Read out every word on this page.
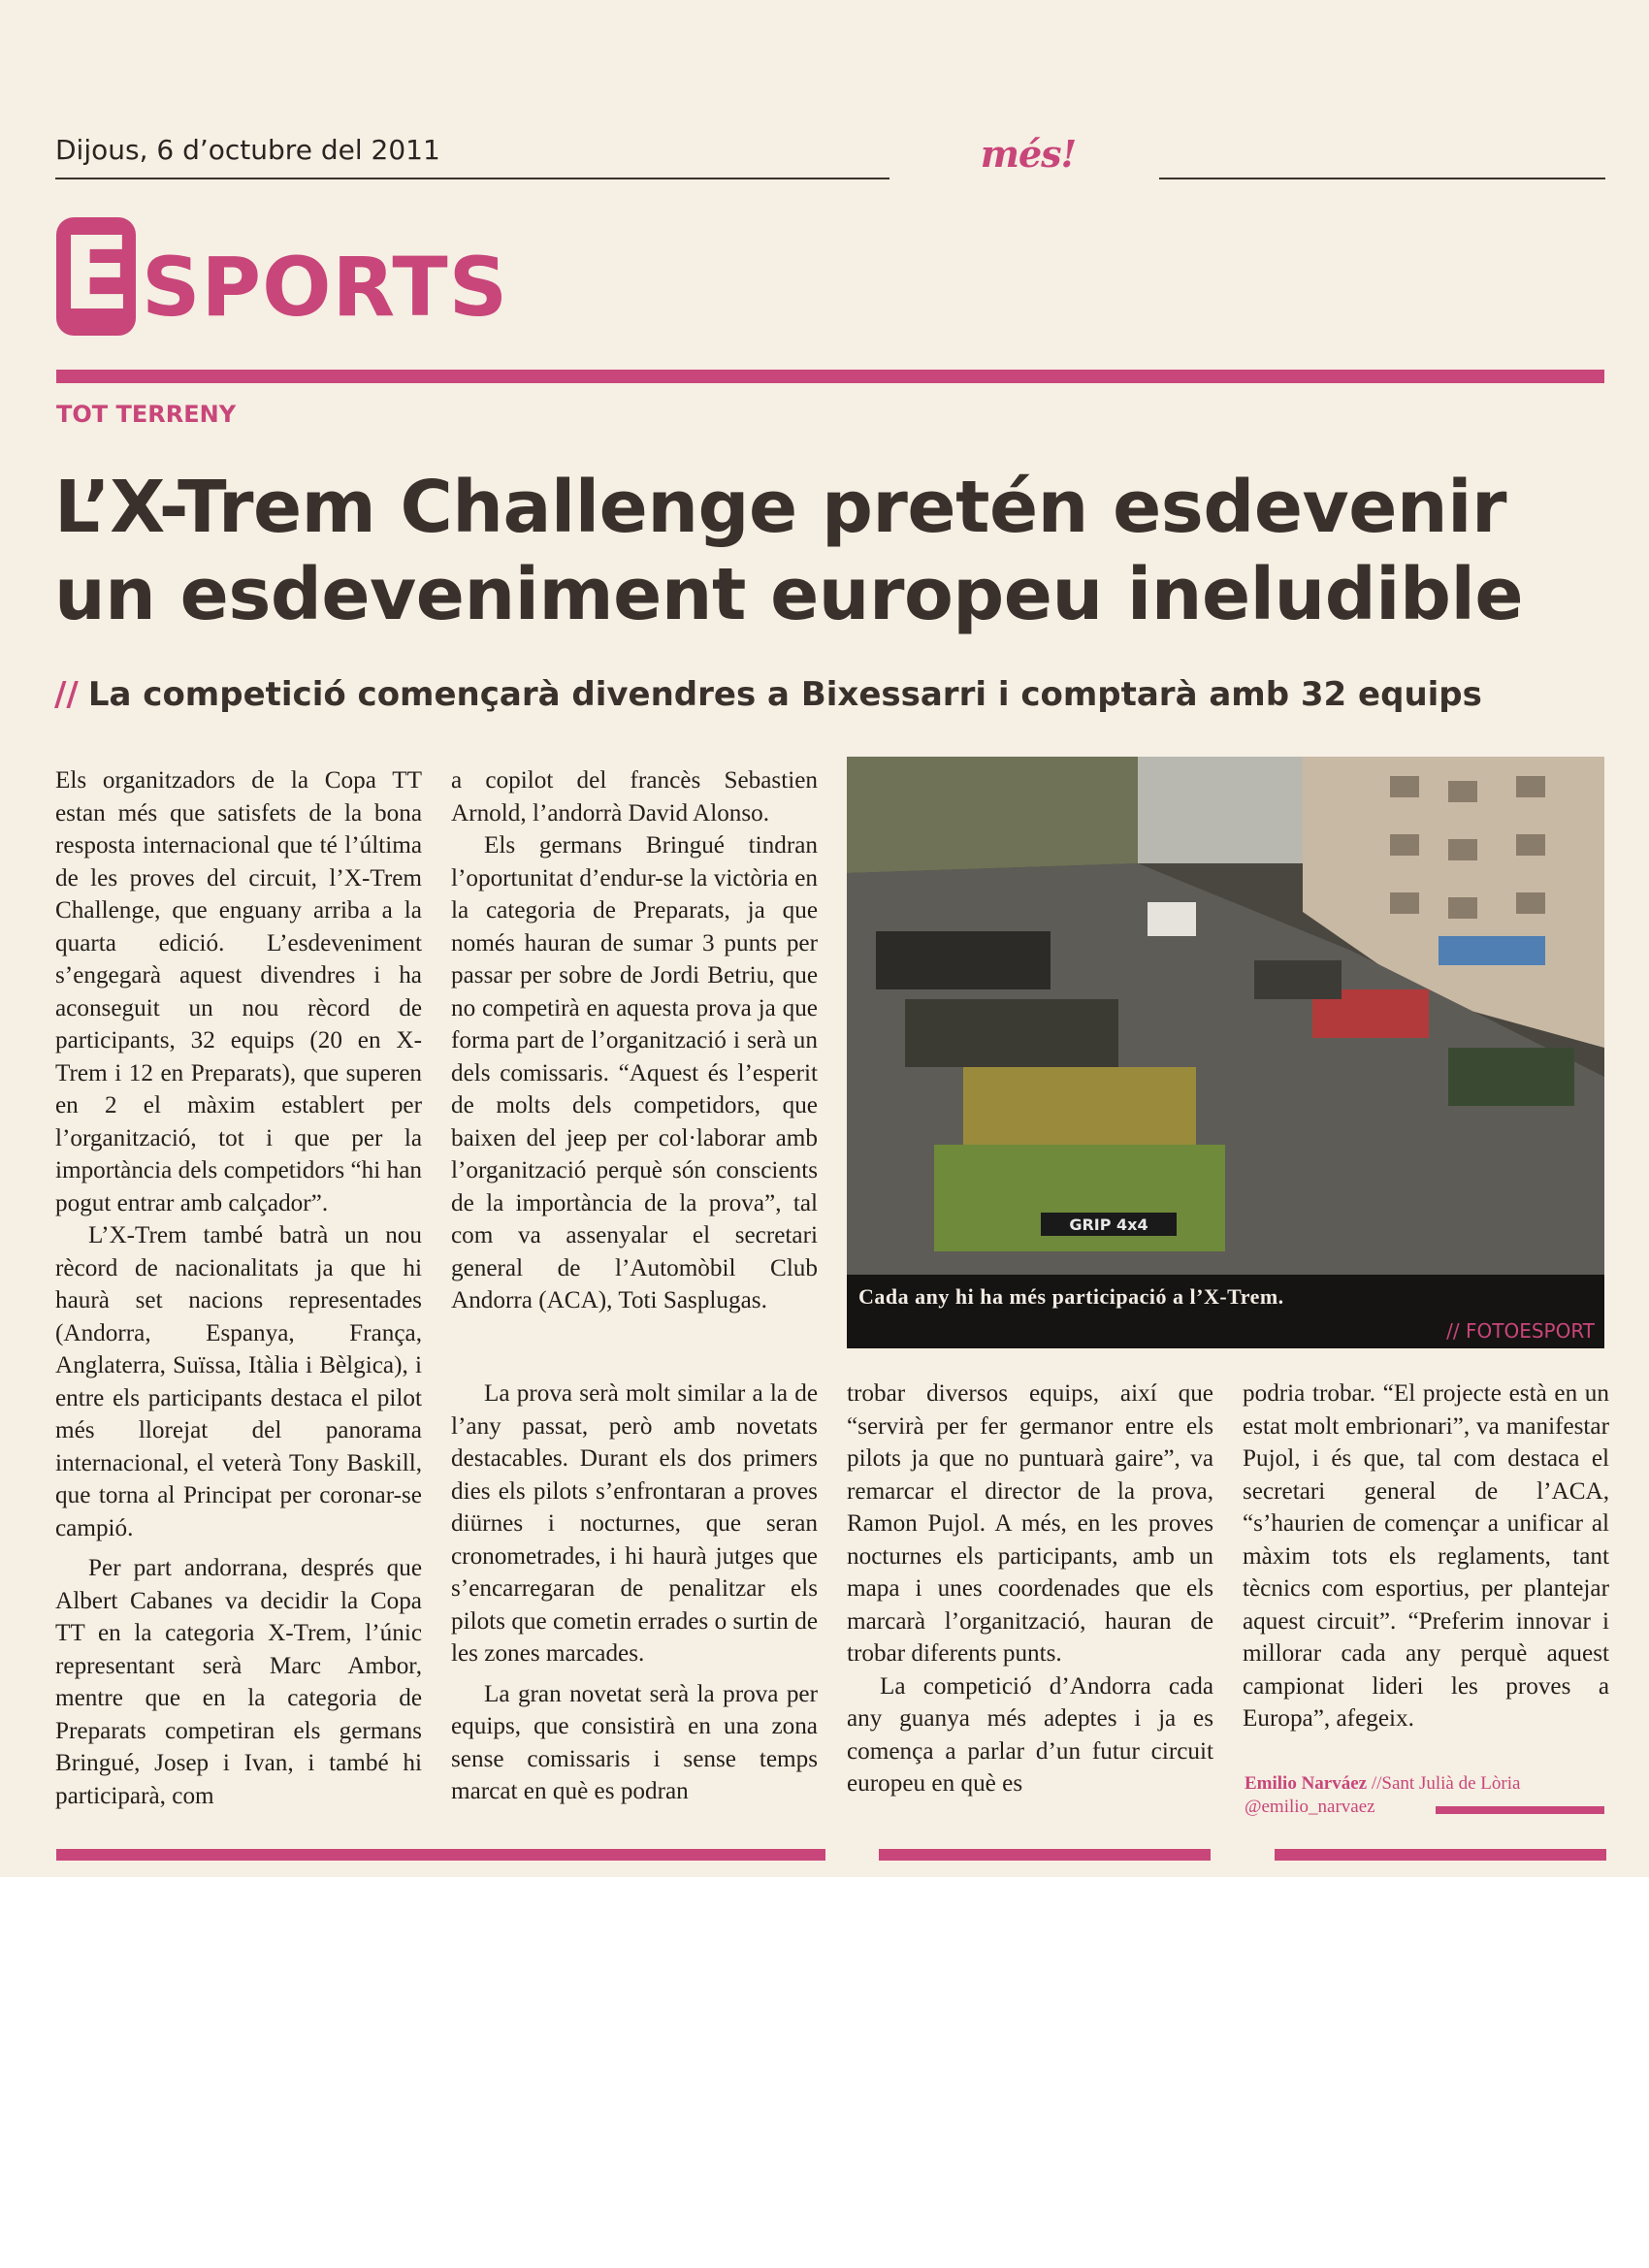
Dijous, 6 d’octubre del 2011	més!
E SPORTS
TOT TERRENY
L’X-Trem Challenge pretén esdevenir
un esdeveniment europeu ineludible
// La competició començarà divendres a Bixessarri i comptarà amb 32 equips

Els organitzadors de la Copa TT estan més que satisfets de la bona resposta internacional que té l’última de les proves del circuit, l’X-Trem Challenge, que enguany arriba a la quarta edició. L’esdeveniment s’engegarà aquest divendres i ha aconseguit un nou rècord de participants, 32 equips (20 en X-Trem i 12 en Preparats), que superen en 2 el màxim establert per l’organització, tot i que per la importància dels competidors “hi han pogut entrar amb calçador”.

L’X-Trem també batrà un nou rècord de nacionalitats ja que hi haurà set nacions representades (Andorra, Espanya, França, Anglaterra, Suïssa, Itàlia i Bèlgica), i entre els participants destaca el pilot més llorejat del panorama internacional, el veterà Tony Baskill, que torna al Principat per coronar-se campió.

Per part andorrana, després que Albert Cabanes va decidir la Copa TT en la categoria X-Trem, l’únic representant serà Marc Ambor, mentre que en la categoria de Preparats competiran els germans Bringué, Josep i Ivan, i també hi participarà, com

a copilot del francès Sebastien Arnold, l’andorrà David Alonso.

Els germans Bringué tindran l’oportunitat d’endur-se la victòria en la categoria de Preparats, ja que només hauran de sumar 3 punts per passar per sobre de Jordi Betriu, que no competirà en aquesta prova ja que forma part de l’organització i serà un dels comissaris. “Aquest és l’esperit de molts dels competidors, que baixen del jeep per col·laborar amb l’organització perquè són conscients de la importància de la prova”, tal com va assenyalar el secretari general de l’Automòbil Club Andorra (ACA), Toti Sasplugas.

GRIP 4x4
Cada any hi ha més participació a l’X-Trem.
// FOTOESPORT

La prova serà molt similar a la de l’any passat, però amb novetats destacables. Durant els dos primers dies els pilots s’enfrontaran a proves diürnes i nocturnes, que seran cronometrades, i hi haurà jutges que s’encarregaran de penalitzar els pilots que cometin errades o surtin de les zones marcades.

La gran novetat serà la prova per equips, que consistirà en una zona sense comissaris i sense temps marcat en què es podran

trobar diversos equips, així que “servirà per fer germanor entre els pilots ja que no puntuarà gaire”, va remarcar el director de la prova, Ramon Pujol. A més, en les proves nocturnes els participants, amb un mapa i unes coordenades que els marcarà l’organització, hauran de trobar diferents punts.

La competició d’Andorra cada any guanya més adeptes i ja es comença a parlar d’un futur circuit europeu en què es

podria trobar. “El projecte està en un estat molt embrionari”, va manifestar Pujol, i és que, tal com destaca el secretari general de l’ACA, “s’haurien de començar a unificar al màxim tots els reglaments, tant tècnics com esportius, per plantejar aquest circuit”. “Preferim innovar i millorar cada any perquè aquest campionat lideri les proves a Europa”, afegeix.

Emilio Narváez //Sant Julià de Lòria
@emilio_narvaez
